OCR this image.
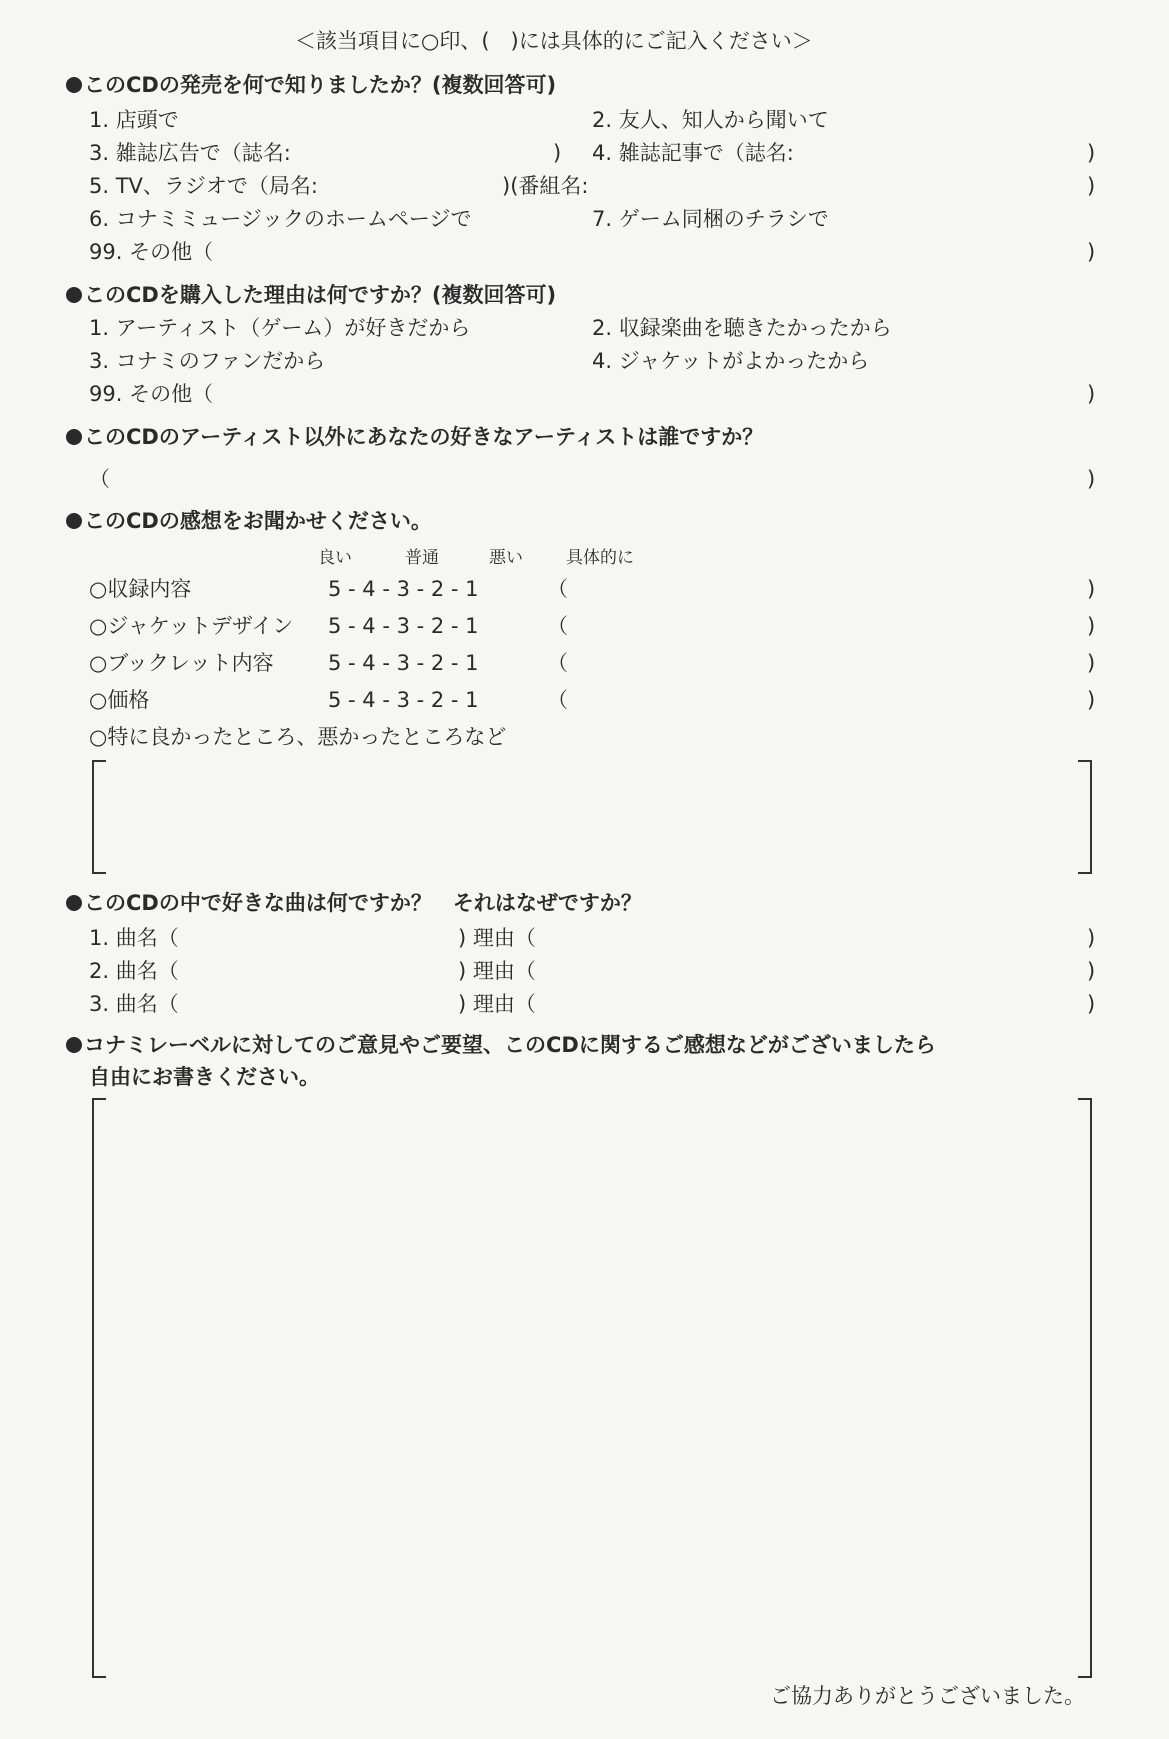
＜該当項目に○印、(　)には具体的にご記入ください＞
このCDの発売を何で知りましたか？(複数回答可)
1. 店頭で	2. 友人、知人から聞いて
3. 雑誌広告で（誌名:	) 4. 雑誌記事で（誌名:	)
5. TV、ラジオで（局名:	)(番組名:	)
6. コナミミュージックのホームページで	7. ゲーム同梱のチラシで
99. その他（	)
このCDを購入した理由は何ですか？(複数回答可)
1. アーティスト（ゲーム）が好きだから	2. 収録楽曲を聴きたかったから
3. コナミのファンだから	4. ジャケットがよかったから
99. その他（	)
このCDのアーティスト以外にあなたの好きなアーティストは誰ですか？
（	)
このCDの感想をお聞かせください。
良い	普通	悪い	具体的に
○収録内容	5 - 4 - 3 - 2 - 1	（	)
○ジャケットデザイン 5 - 4 - 3 - 2 - 1	（	)
○ブックレット内容	5 - 4 - 3 - 2 - 1	（	)
○価格	5 - 4 - 3 - 2 - 1	（	)
○特に良かったところ、悪かったところなど
このCDの中で好きな曲は何ですか？　それはなぜですか？
1. 曲名（	) 理由（	)
2. 曲名（	) 理由（	)
3. 曲名（	) 理由（	)
コナミレーベルに対してのご意見やご要望、このCDに関するご感想などがございましたら
自由にお書きください。
ご協力ありがとうございました。
